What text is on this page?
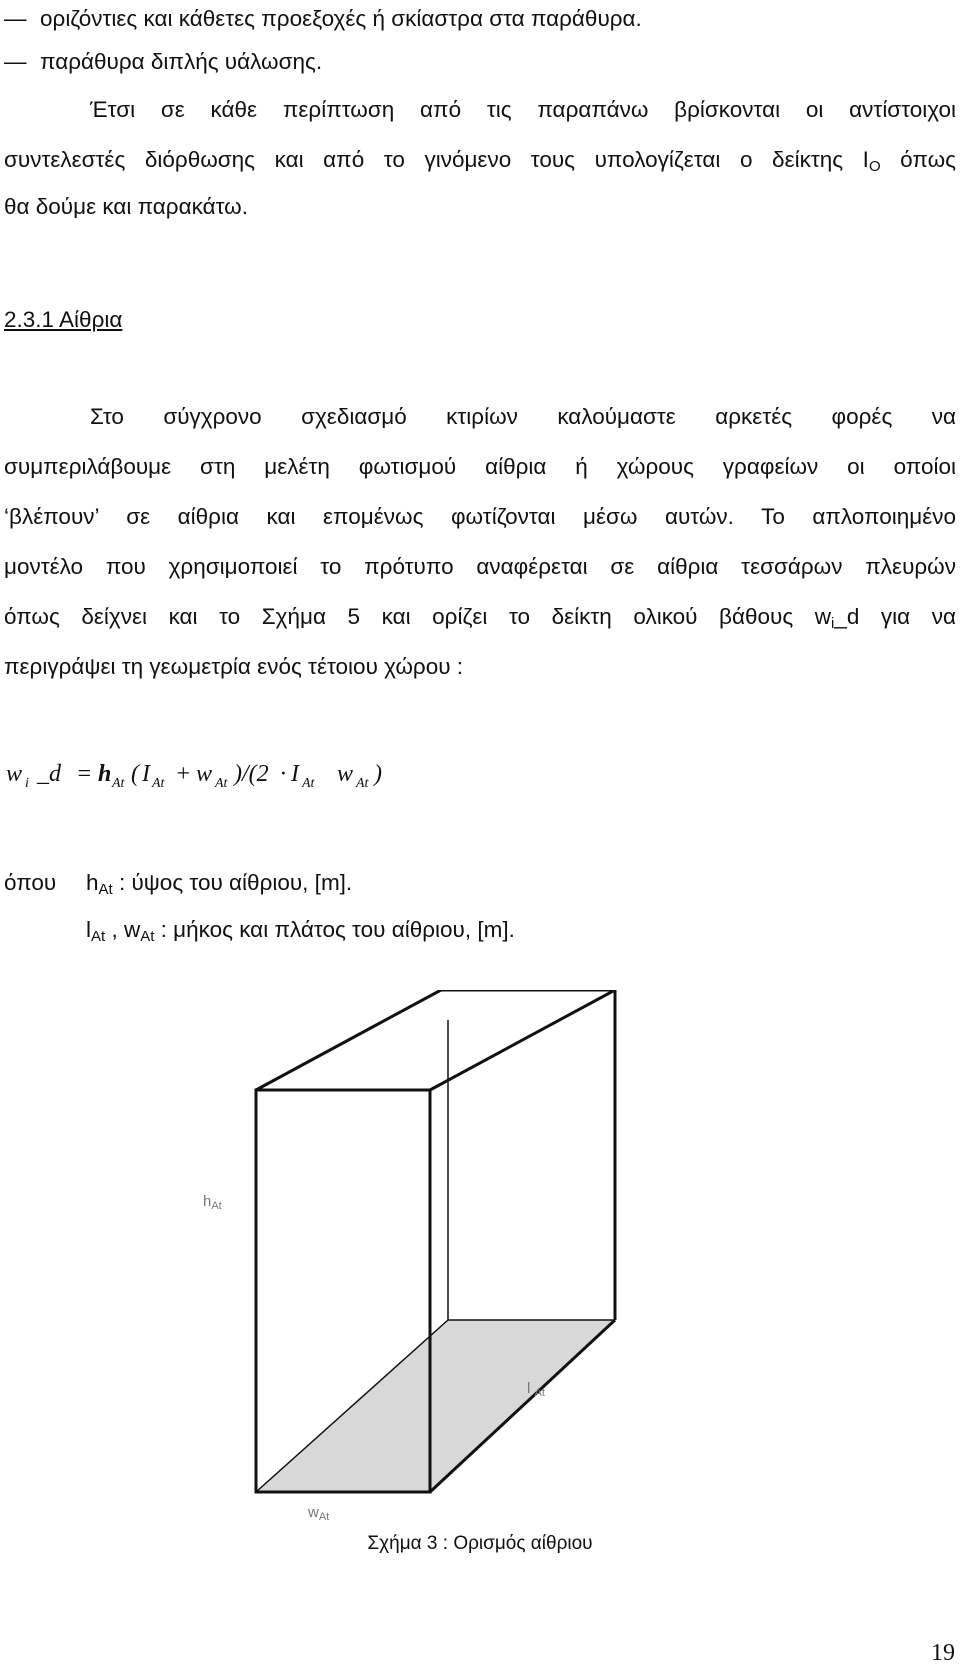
— οριζόντιες και κάθετες προεξοχές ή σκίαστρα στα παράθυρα.
— παράθυρα διπλής υάλωσης.
Έτσι σε κάθε περίπτωση από τις παραπάνω βρίσκονται οι αντίστοιχοι
συντελεστές διόρθωσης και από το γινόμενο τους υπολογίζεται ο δείκτης $I_O$ όπως
θα δούμε και παρακάτω.
2.3.1 Αίθρια
Στο σύγχρονο σχεδιασμό κτιρίων καλούμαστε αρκετές φορές να
συμπεριλάβουμε στη μελέτη φωτισμού αίθρια ή χώρους γραφείων οι οποίοι
‘βλέπουν’ σε αίθρια και επομένως φωτίζονται μέσω αυτών. Το απλοποιημένο
μοντέλο που χρησιμοποιεί το πρότυπο αναφέρεται σε αίθρια τεσσάρων πλευρών
όπως δείχνει και το Σχήμα 5 και ορίζει το δείκτη ολικού βάθους $w_i\_d$ για να
περιγράψει τη γεωμετρία ενός τέτοιου χώρου :
w i _d = h At ( I At + w At )/(2 · I At w At )
όπου $h_{At}$ : ύψος του αίθριου, [m].
$l_{At}$ , $w_{At}$ : μήκος και πλάτος του αίθριου, [m].
$h_{At}$
l $_{At}$
$w_{At}$
Σχήμα 3 : Ορισμός αίθριου
19
